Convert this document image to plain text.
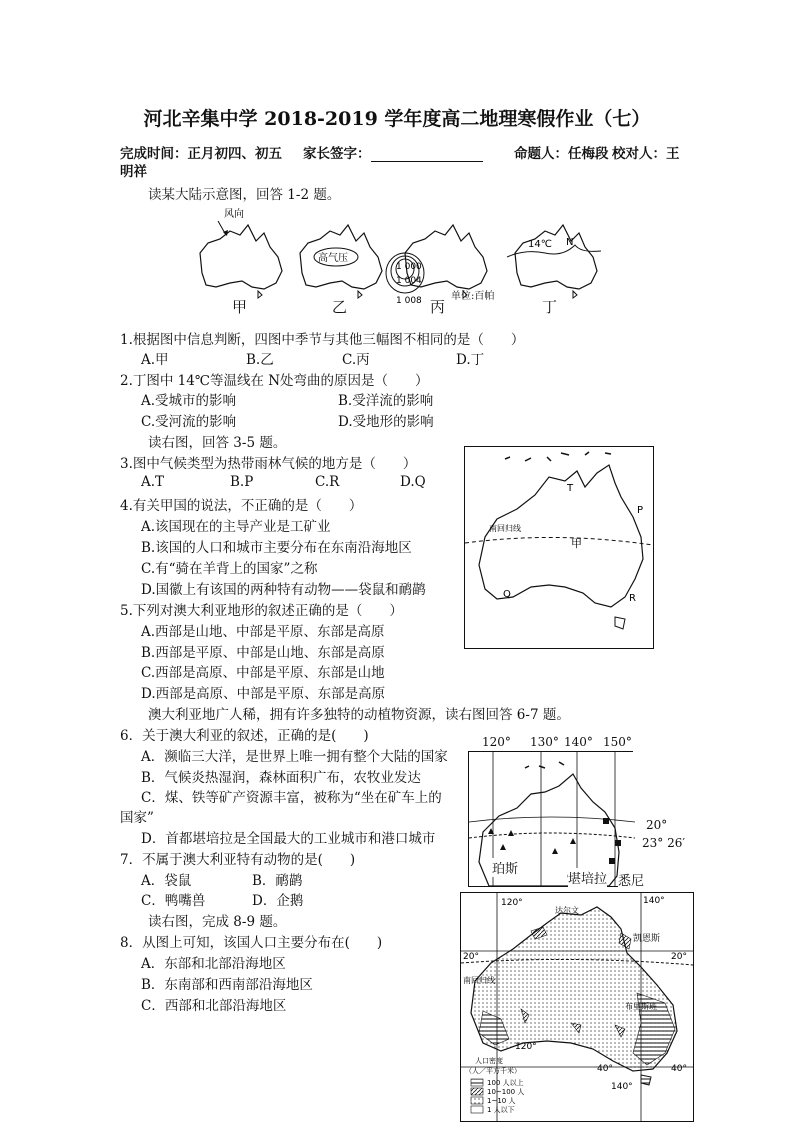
河北辛集中学 2018-2019 学年度高二地理寒假作业（七）
完成时间：正月初四、初五 家长签字：	命题人：任梅段 校对人：王
明祥
读某大陆示意图，回答 1-2 题。
风向
高气压
1 000
1 004
1 008
14℃ N
单位:百帕
甲	乙	丙	丁
1.根据图中信息判断，四图中季节与其他三幅图不相同的是（　　）
A.甲	B.乙	C.丙	D.丁
2.丁图中 14℃等温线在 N处弯曲的原因是（　　）
A.受城市的影响	B.受洋流的影响
C.受河流的影响	D.受地形的影响
读右图，回答 3-5 题。
南回归线
甲
T
P
Q	R
3.图中气候类型为热带雨林气候的地方是（　　）
A.T	B.P	C.R	D.Q
4.有关甲国的说法，不正确的是（　　）
A.该国现在的主导产业是工矿业
B.该国的人口和城市主要分布在东南沿海地区
C.有“骑在羊背上的国家”之称
D.国徽上有该国的两种特有动物——袋鼠和鸸鹋
5.下列对澳大利亚地形的叙述正确的是（　　）
A.西部是山地、中部是平原、东部是高原
B.西部是平原、中部是山地、东部是高原
C.西部是高原、中部是平原、东部是山地
D.西部是高原、中部是平原、东部是高原
澳大利亚地广人稀，拥有许多独特的动植物资源，读右图回答 6-7 题。
120° 130° 140° 150°
20°
23° 26′
珀斯
堪培拉 悉尼
6．关于澳大利亚的叙述，正确的是(　　)
A．濒临三大洋，是世界上唯一拥有整个大陆的国家
B．气候炎热湿润，森林面积广布，农牧业发达
C．煤、铁等矿产资源丰富，被称为“坐在矿车上的
国家”
D．首都堪培拉是全国最大的工业城市和港口城市
7．不属于澳大利亚特有动物的是(　　)
A．袋鼠	B．鸸鹋
C．鸭嘴兽	D．企鹅
读右图，完成 8-9 题。
8．从图上可知，该国人口主要分布在(　　)
A．东部和北部沿海地区
B．东南部和西南部沿海地区
C．西部和北部沿海地区
120°
达尔文
140°
凯恩斯
布里斯班
南回归线
20°	20°
40°	40°
120°
140°
人口密度
（人／平方千米）
100 人以上
10~100 人
1~10 人
1 人以下
